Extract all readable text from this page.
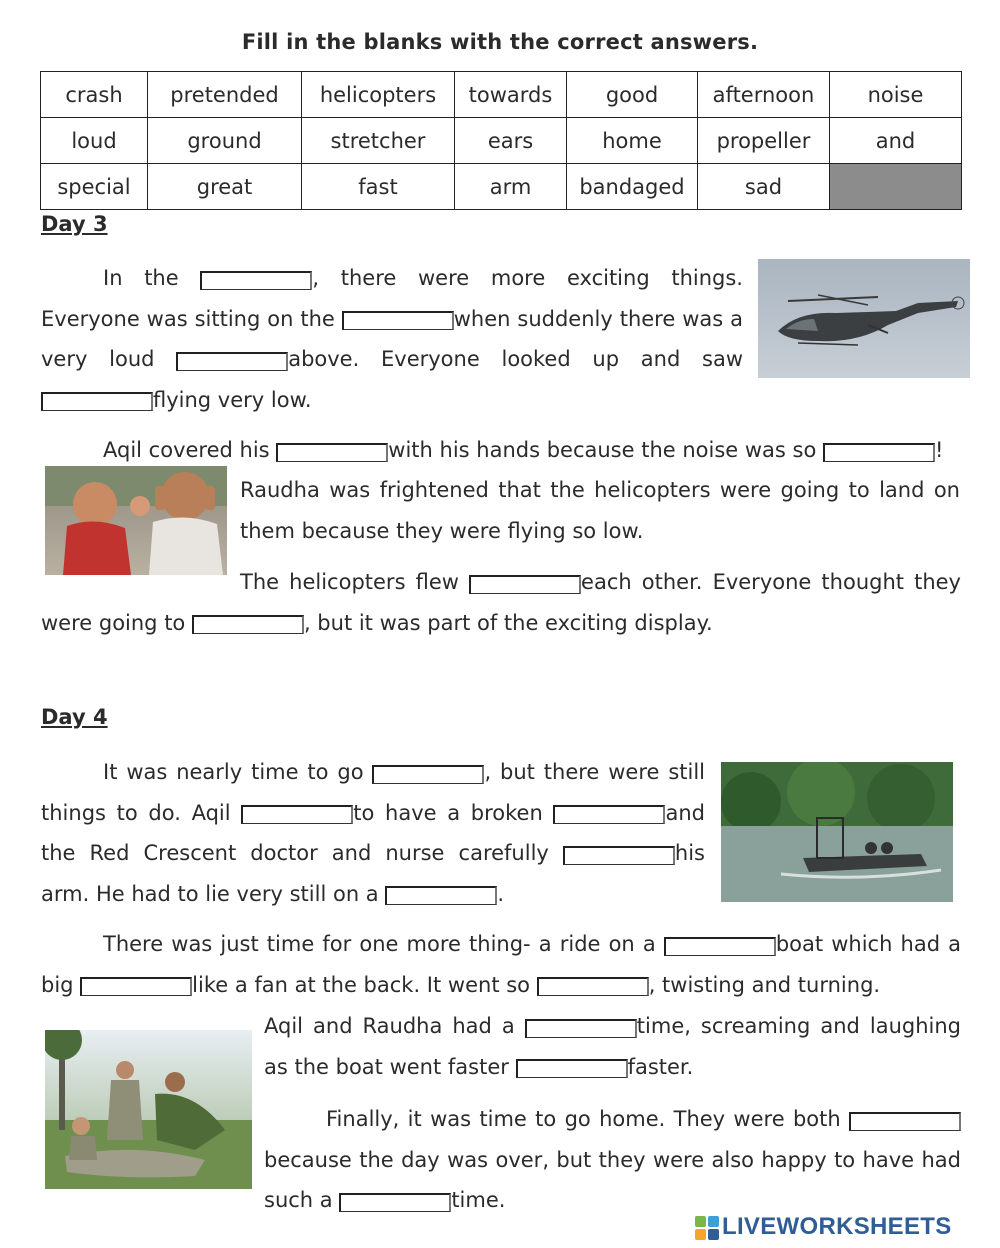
Fill in the blanks with the correct answers.
crash	pretended	helicopters	towards	good	afternoon	noise
loud	ground	stretcher	ears	home	propeller	and
special	great	fast	arm	bandaged	sad	
Day 3

In the	, there were more exciting things. Everyone was sitting on the	when suddenly there was a very loud	above. Everyone looked up and saw flying very low.

Aqil covered his	with his hands because the noise was so	!

Raudha was frightened that the helicopters were going to land on them because they were flying so low.

The helicopters flew	each other. Everyone thought they were going to	, but it was part of the exciting display.

Day 4

It was nearly time to go	, but there were still things to do. Aqil	to have a broken	and the Red Crescent doctor and nurse carefully	his arm. He had to lie very still on a	.

There was just time for one more thing- a ride on a	boat which had a big	like a fan at the back. It went so	, twisting and turning.

Aqil and Raudha had a	time, screaming and laughing as the boat went faster	faster.

Finally, it was time to go home. They were both because the day was over, but they were also happy to have had such a	time.

LIVEWORKSHEETS
